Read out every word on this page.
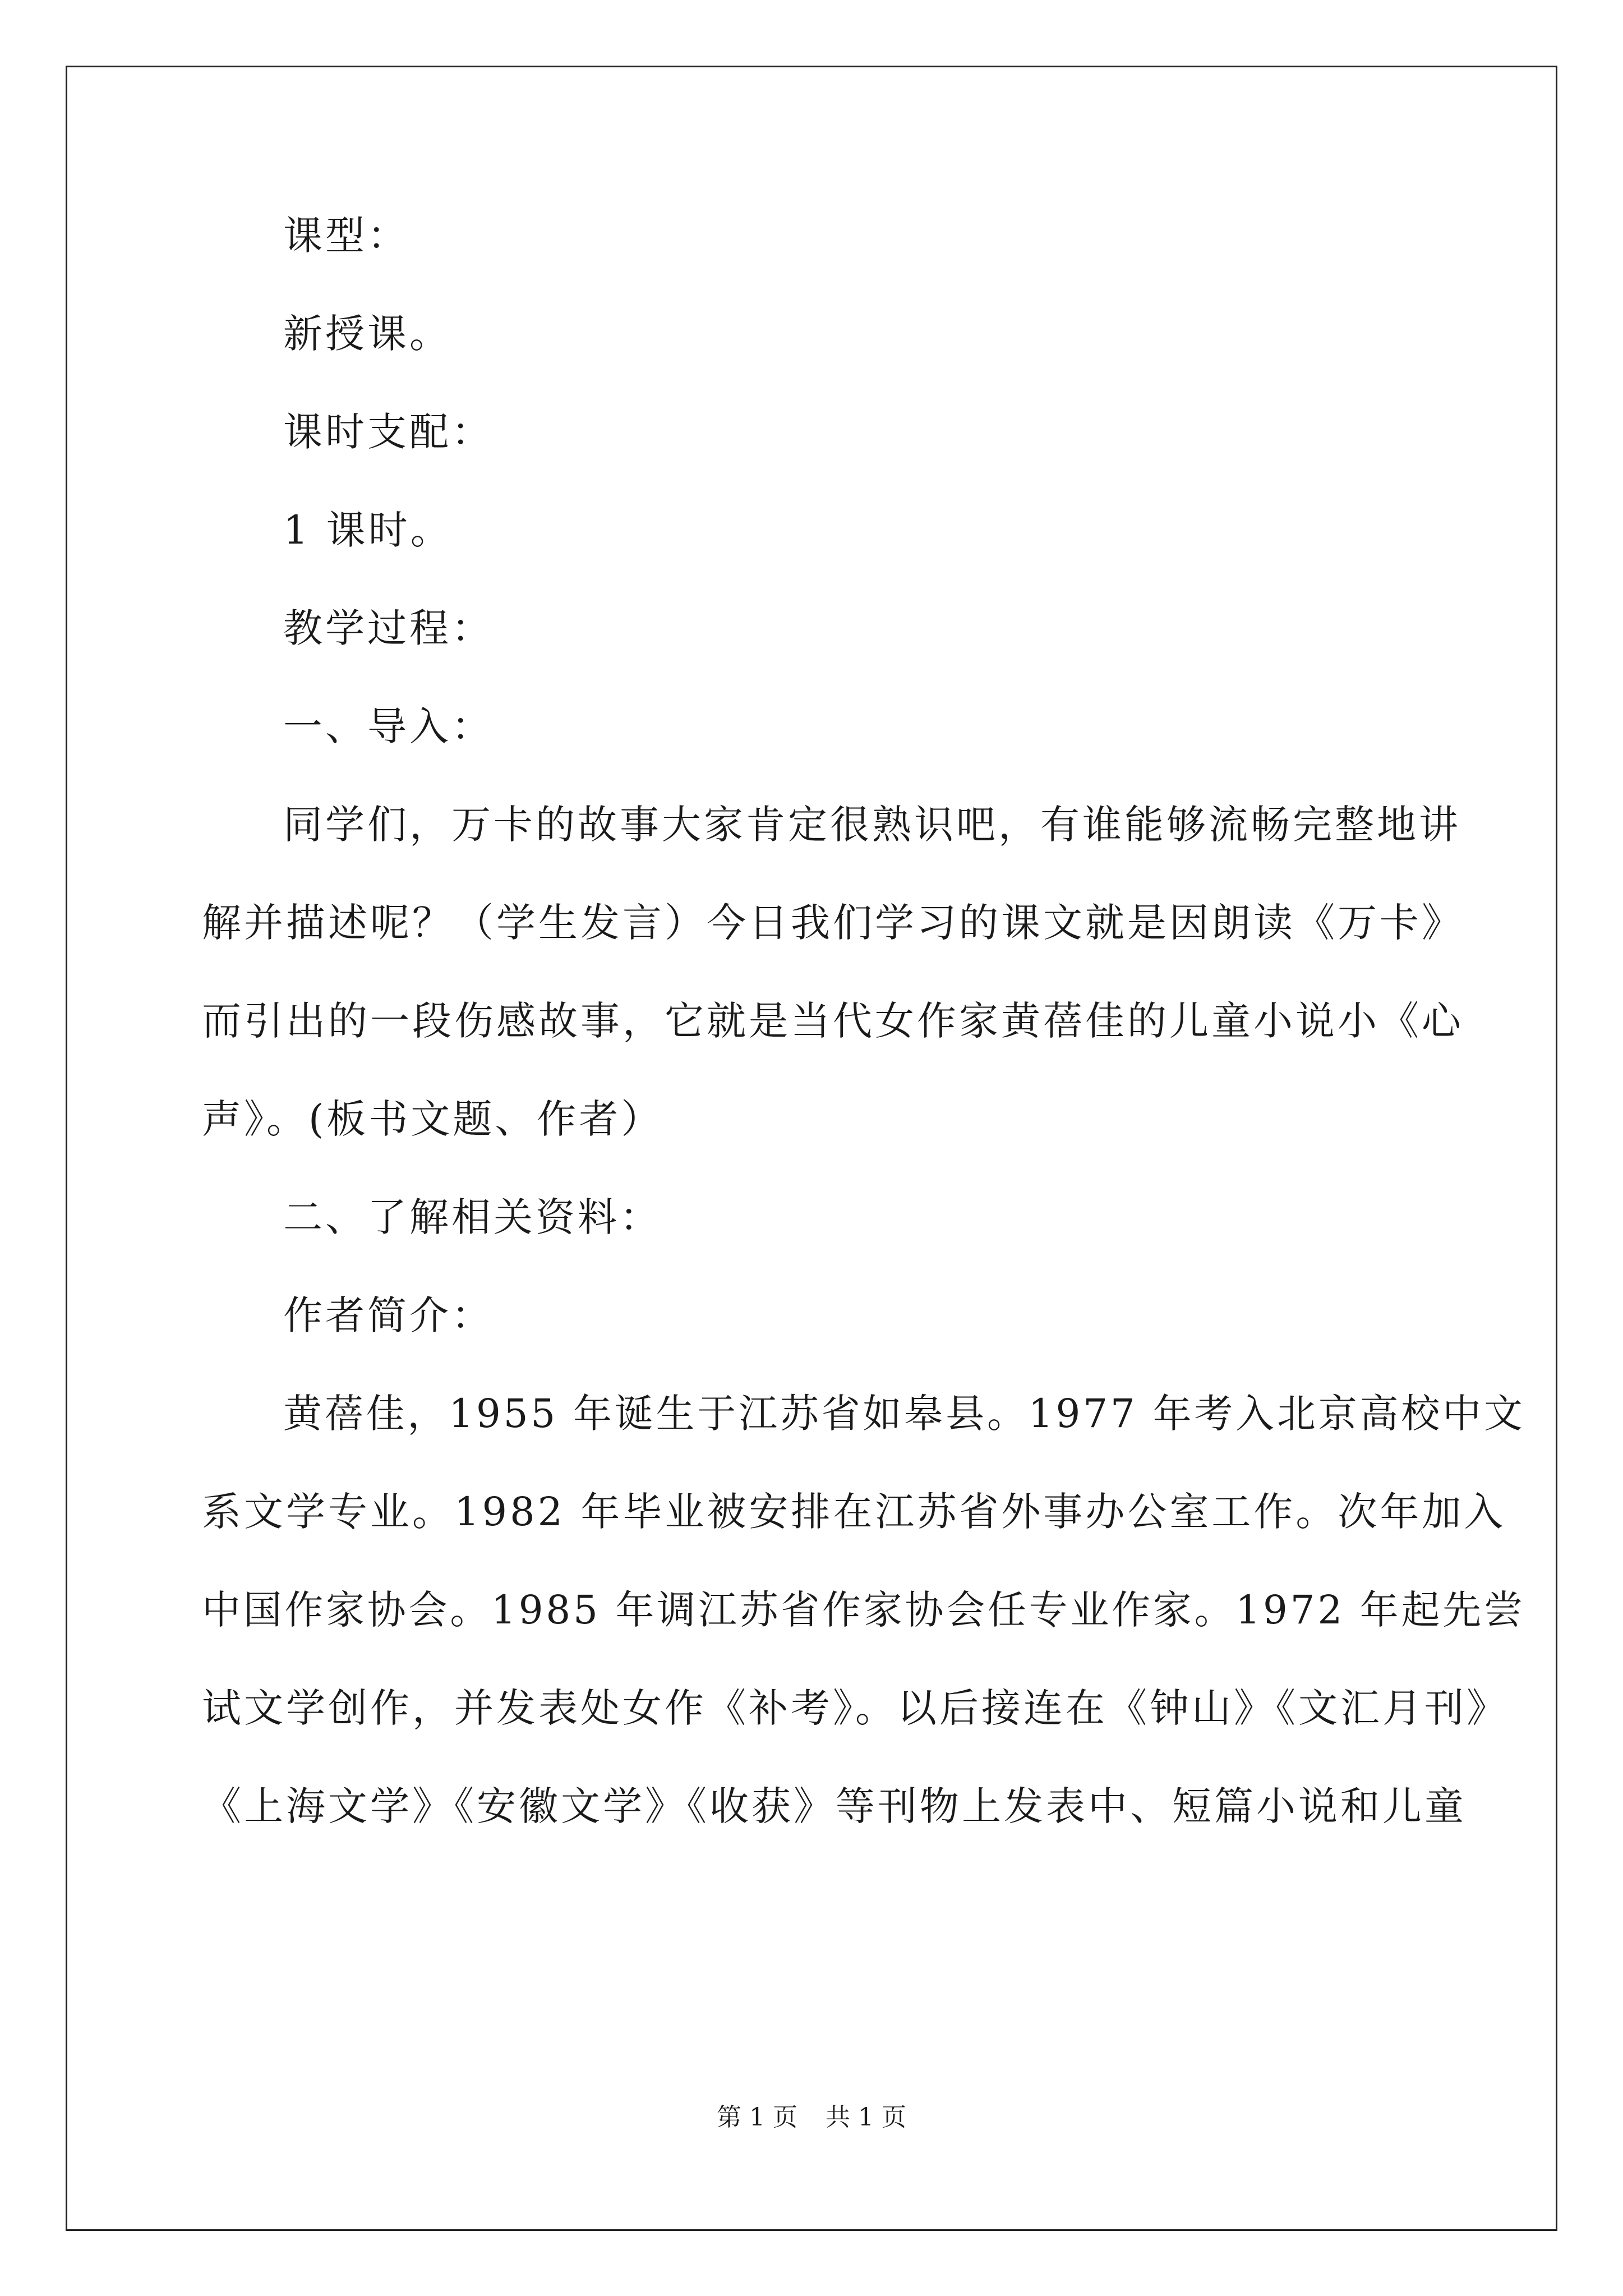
课型：
新授课。
课时支配：
1 课时。
教学过程：
一、导入：
同学们，万卡的故事大家肯定很熟识吧，有谁能够流畅完整地讲
解并描述呢？（学生发言）今日我们学习的课文就是因朗读《万卡》
而引出的一段伤感故事，它就是当代女作家黄蓓佳的儿童小说小《心
声》。(板书文题、作者）
二、了解相关资料：
作者简介：
黄蓓佳，1955 年诞生于江苏省如皋县。1977 年考入北京高校中文
系文学专业。1982 年毕业被安排在江苏省外事办公室工作。次年加入
中国作家协会。1985 年调江苏省作家协会任专业作家。1972 年起先尝
试文学创作，并发表处女作《补考》。以后接连在《钟山》《文汇月刊》
《上海文学》《安徽文学》《收获》等刊物上发表中、短篇小说和儿童
第 1 页 共 1 页
